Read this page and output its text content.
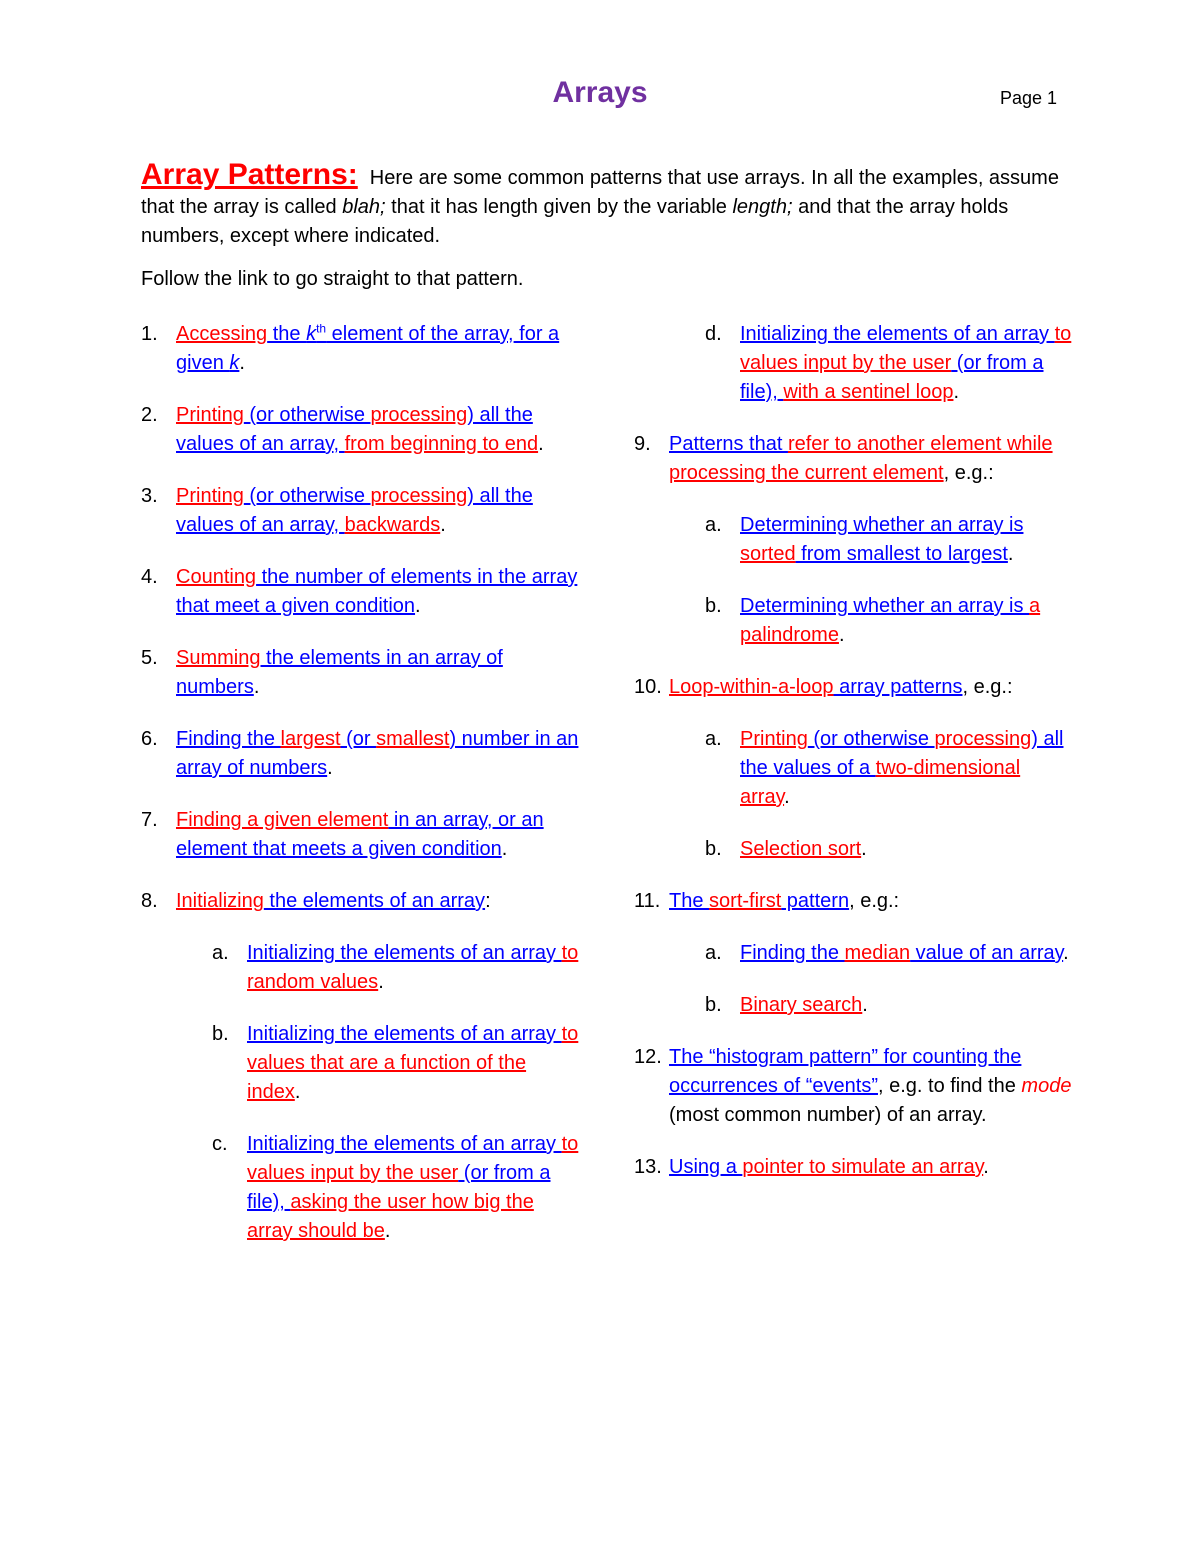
Arrays	Page 1

Array Patterns: Here are some common patterns that use arrays. In all the examples, assume that the array is called blah; that it has length given by the variable length; and that the array holds numbers, except where indicated.

Follow the link to go straight to that pattern.

1. Accessing the $k^{th}$ element of the array, for a given k.
2. Printing (or otherwise processing) all the values of an array, from beginning to end.
3. Printing (or otherwise processing) all the values of an array, backwards.
4. Counting the number of elements in the array that meet a given condition.
5. Summing the elements in an array of numbers.
6. Finding the largest (or smallest) number in an array of numbers.
7. Finding a given element in an array, or an element that meets a given condition.
8. Initializing the elements of an array:
a. Initializing the elements of an array to random values.
b. Initializing the elements of an array to values that are a function of the index.
c. Initializing the elements of an array to values input by the user (or from a file), asking the user how big the array should be.
d. Initializing the elements of an array to values input by the user (or from a file), with a sentinel loop.
9. Patterns that refer to another element while processing the current element, e.g.:
a. Determining whether an array is sorted from smallest to largest.
b. Determining whether an array is a palindrome.
10. Loop-within-a-loop array patterns, e.g.:
a. Printing (or otherwise processing) all the values of a two-dimensional array.
b. Selection sort.
11. The sort-first pattern, e.g.:
a. Finding the median value of an array.
b. Binary search.
12. The “histogram pattern” for counting the occurrences of “events”, e.g. to find the mode (most common number) of an array.
13. Using a pointer to simulate an array.
